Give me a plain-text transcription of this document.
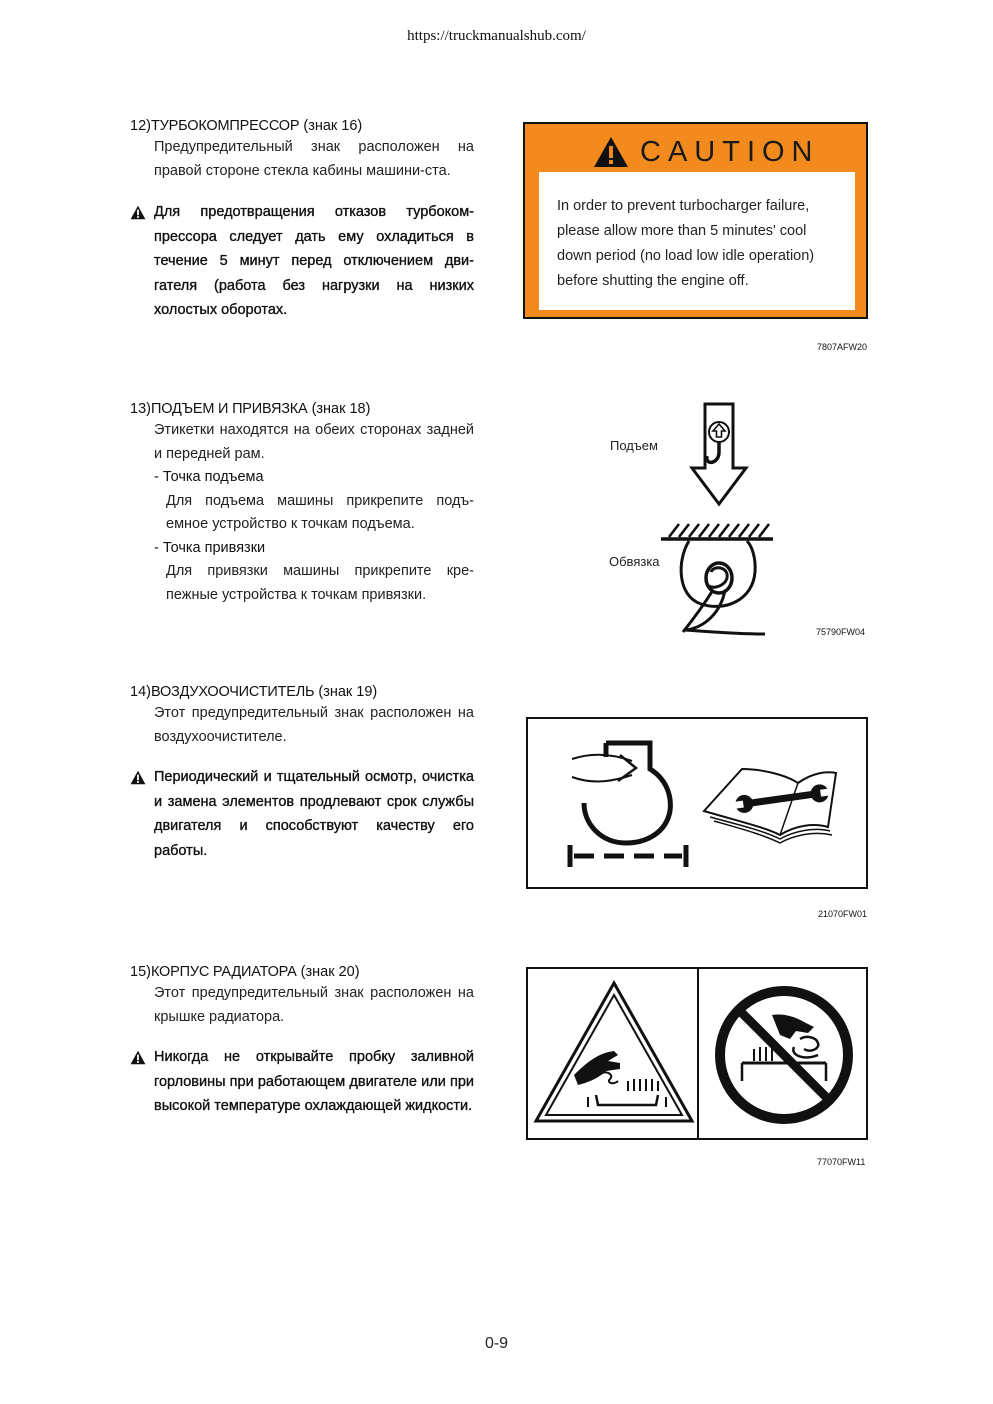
https://truckmanualshub.com/
12)ТУРБОКОМПРЕССОР (знак 16)
Предупредительный знак расположен на правой стороне стекла кабины машини-ста.
Для предотвращения отказов турбоком-прессора следует дать ему охладиться в течение 5 минут перед отключением дви-гателя (работа без нагрузки на низких холостых оборотах.
CAUTION
In order to prevent turbocharger failure, please allow more than 5 minutes' cool down period (no load low idle operation) before shutting the engine off.
7807AFW20
13)ПОДЪЕМ И ПРИВЯЗКА (знак 18)
Этикетки находятся на обеих сторонах задней и передней рам.
- Точка подъема
Для подъема машины прикрепите подъ-емное устройство к точкам подъема.
- Точка привязки
Для привязки машины прикрепите кре-пежные устройства к точкам привязки.
Подъем
Обвязка
75790FW04
14)ВОЗДУХООЧИСТИТЕЛЬ (знак 19)
Этот предупредительный знак расположен на воздухоочистителе.
Периодический и тщательный осмотр, очистка и замена элементов продлевают срок службы двигателя и способствуют качеству его работы.
21070FW01
15)КОРПУС РАДИАТОРА (знак 20)
Этот предупредительный знак расположен на крышке радиатора.
Никогда не открывайте пробку заливной горловины при работающем двигателе или при высокой температуре охлаждающей жидкости.
77070FW11
0-9
